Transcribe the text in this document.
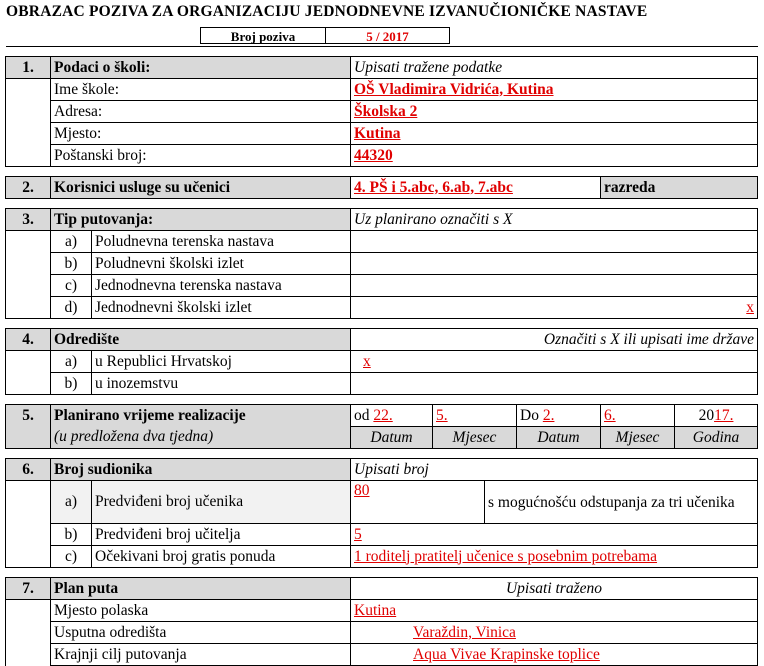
OBRAZAC POZIVA ZA ORGANIZACIJU JEDNODNEVNE IZVANUČIONIČKE NASTAVE
Broj poziva	5 / 2017

1.	Podaci o školi:		Upisati tražene podatke					
	Ime škole:		OŠ Vladimira Vidrića, Kutina					
	Adresa:		Školska 2					
	Mjesto:		Kutina					
	Poštanski broj:		44320					

2.	Korisnici usluge su učenici		4. PŠ i 5.abc, 6.ab, 7.abc				razreda	

3.	Tip putovanja:		Uz planirano označiti s X					
	a)	Poludnevna terenska nastava						
	b)	Poludnevni školski izlet						
	c)	Jednodnevna terenska nastava						
	d)	Jednodnevni školski izlet	x					

4.	Odredište		Označiti s X ili upisati ime države					
	a)	u Republici Hrvatskoj	x					
	b)	u inozemstvu						

5.	Planirano vrijeme realizacije		od 22.	5.		Do 2.	6.	2017.
	(u predložena dva tjedna)		Datum	Mjesec		Datum	Mjesec	Godina

6.	Broj sudionika		Upisati broj					
	a)	Predviđeni broj učenika	80		s mogućnošću odstupanja za tri učenika			
	b)	Predviđeni broj učitelja	5					
	c)	Očekivani broj gratis ponuda	1 roditelj pratitelj učenice s posebnim potrebama					

7.	Plan puta		Upisati traženo					
	Mjesto polaska		Kutina					
	Usputna odredišta		Varaždin, Vinica					
	Krajnji cilj putovanja		Aqua Vivae Krapinske toplice					
